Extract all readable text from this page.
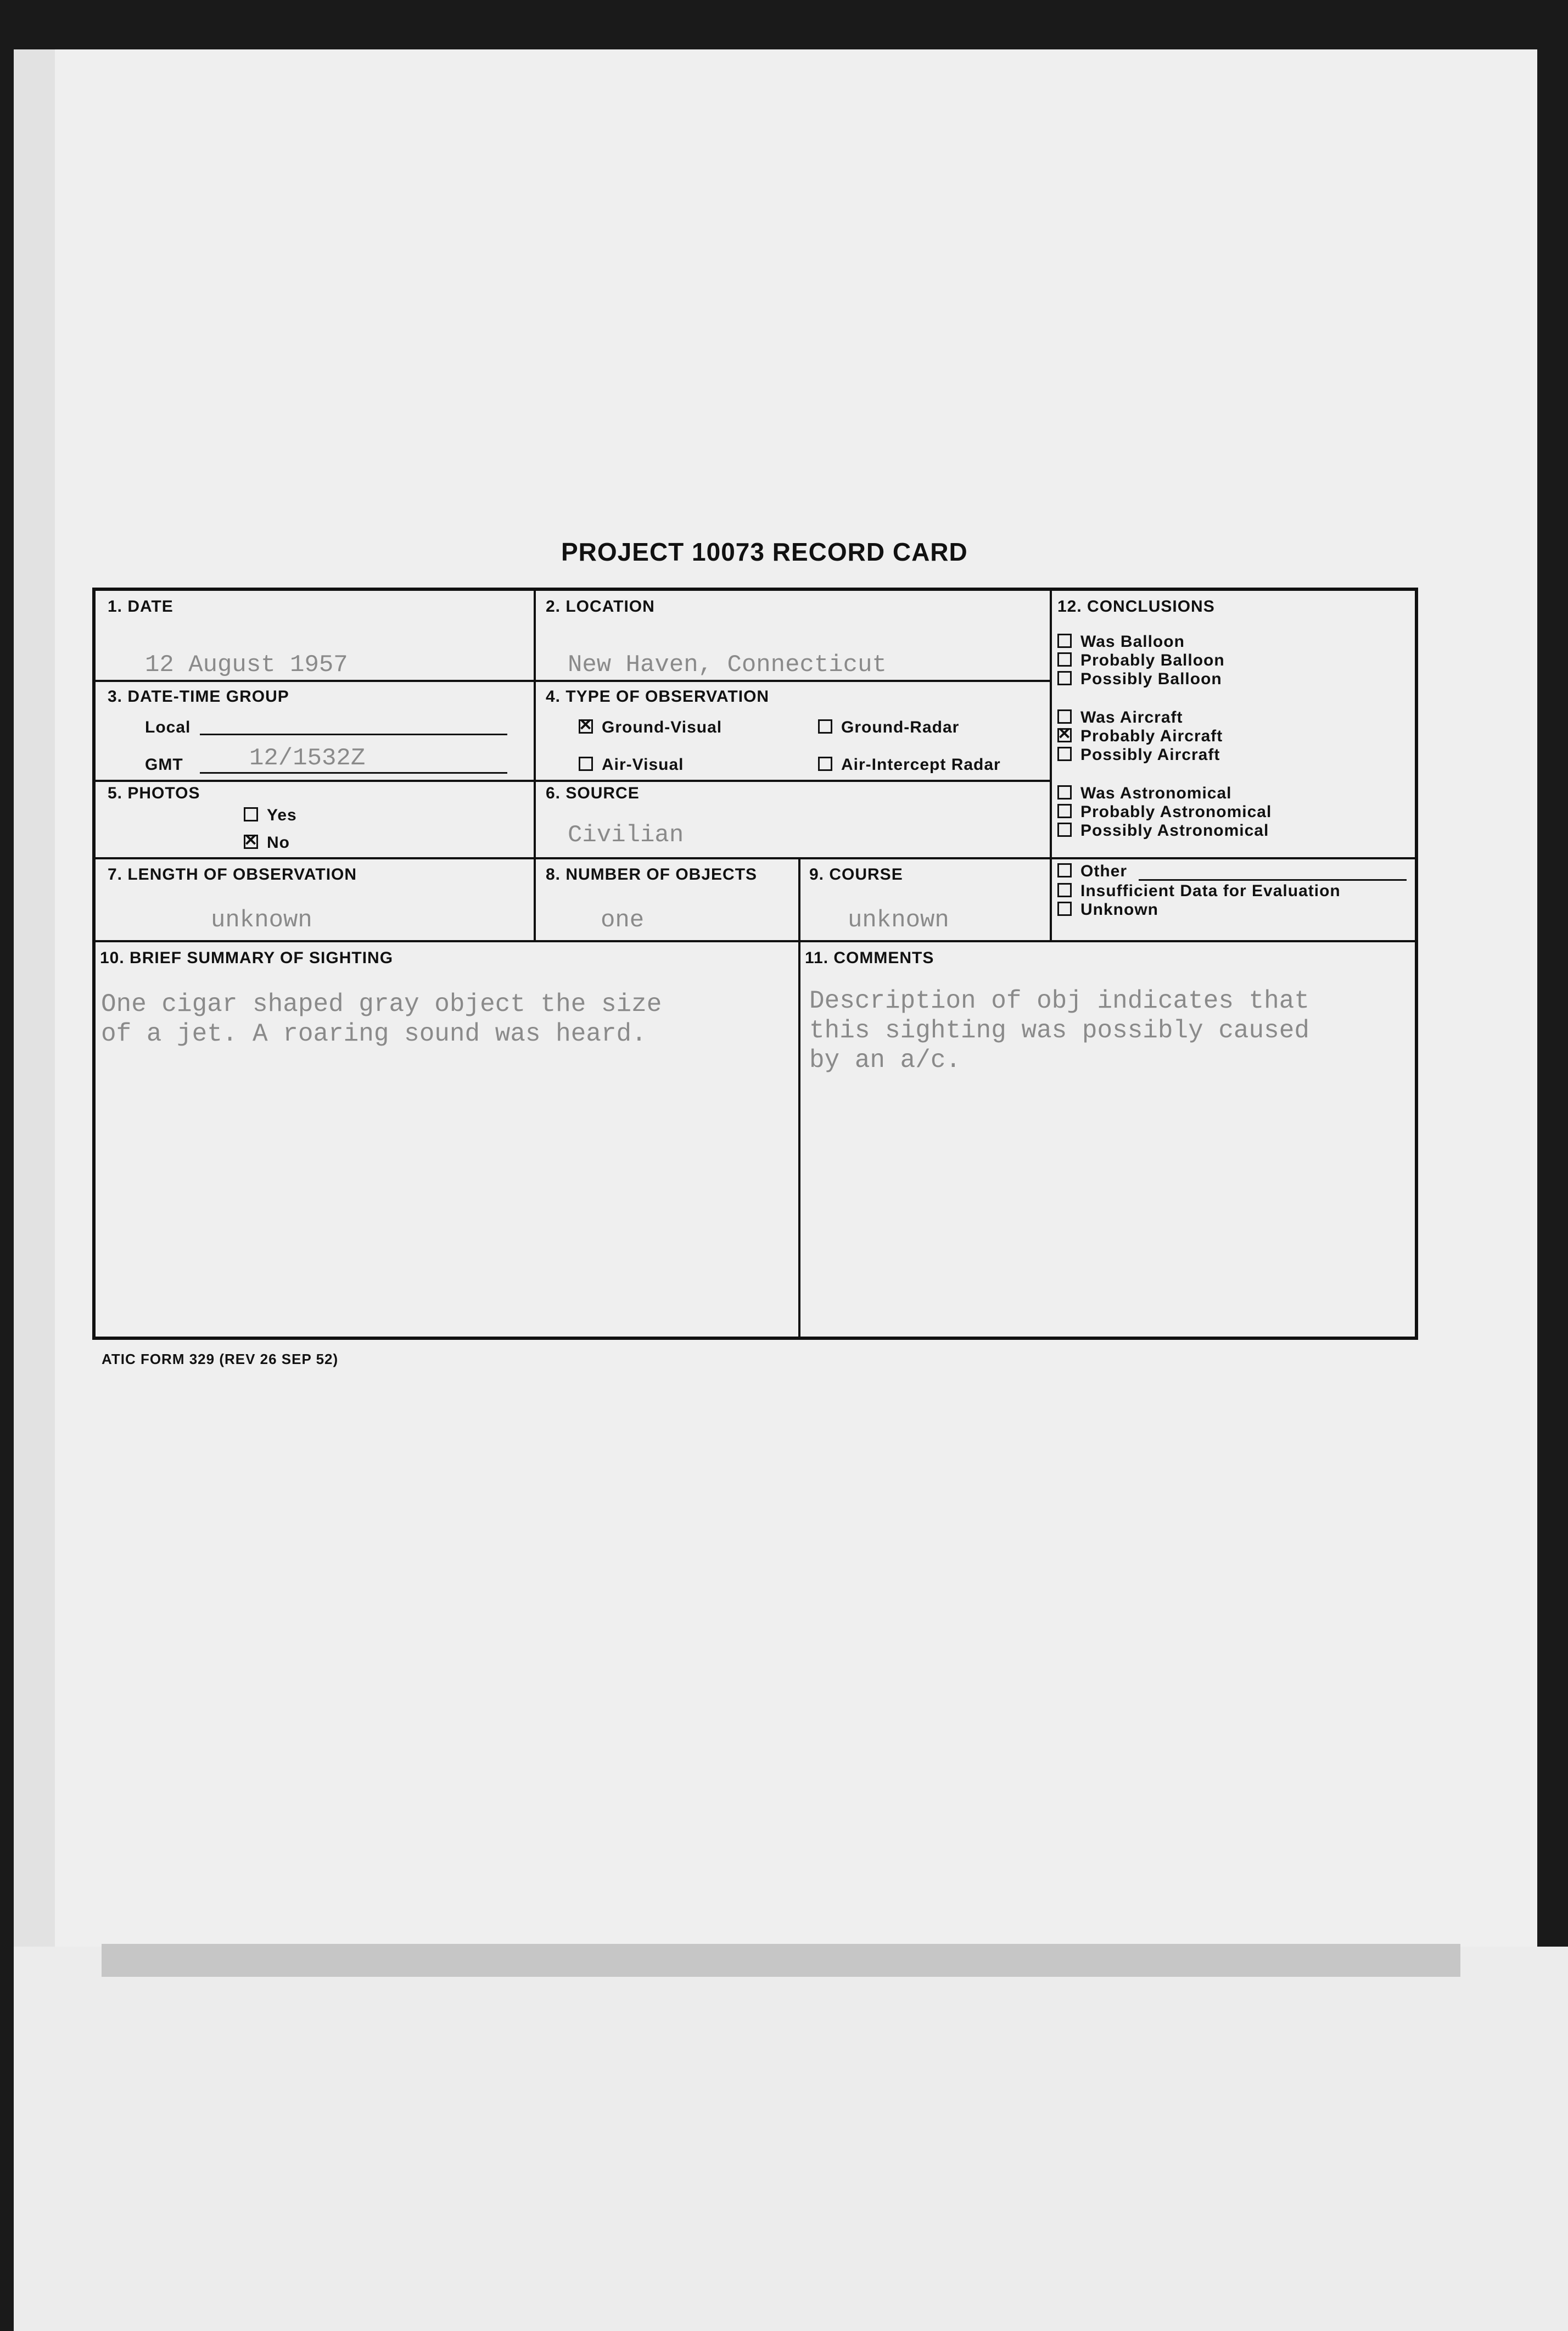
PROJECT 10073 RECORD CARD
1. DATE
12 August 1957
2. LOCATION
New Haven, Connecticut
3. DATE-TIME GROUP
Local
GMT	12/1532Z
4. TYPE OF OBSERVATION
✕Ground-Visual	Ground-Radar
Air-Visual	Air-Intercept Radar
5. PHOTOS
Yes
✕No
6. SOURCE
Civilian
7. LENGTH OF OBSERVATION
unknown
8. NUMBER OF OBJECTS
one
9. COURSE
unknown
12. CONCLUSIONS
Was Balloon
Probably Balloon
Possibly Balloon
Was Aircraft
✕Probably Aircraft
Possibly Aircraft
Was Astronomical
Probably Astronomical
Possibly Astronomical
Other
Insufficient Data for Evaluation
Unknown
10. BRIEF SUMMARY OF SIGHTING
One cigar shaped gray object the size
of a jet. A roaring sound was heard.
11. COMMENTS
Description of obj indicates that
this sighting was possibly caused
by an a/c.
ATIC FORM 329 (REV 26 SEP 52)
